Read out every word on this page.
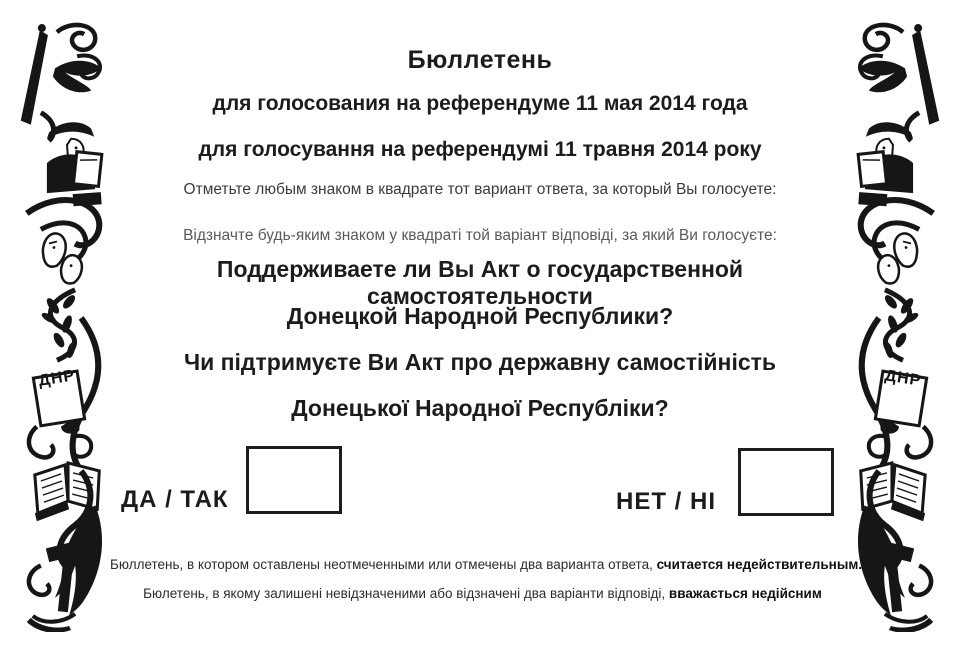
ДНР	ДНР
Бюллетень
для голосования на референдуме 11 мая 2014 года
для голосування на референдумі 11 травня 2014 року
Отметьте любым знаком в квадрате тот вариант ответа, за который Вы голосуете:
Відзначте будь-яким знаком у квадраті той варіант відповіді, за який Ви голосуєте:
Поддерживаете ли Вы Акт о государственной самостоятельности
Донецкой Народной Республики?
Чи підтримуєте Ви Акт про державну самостійність
Донецької Народної Республіки?
ДА / ТАК	НЕТ / НІ
Бюллетень, в котором оставлены неотмеченными или отмечены два варианта ответа, считается недействительным.
Бюлетень, в якому залишені невідзначеними або відзначені два варіанти відповіді, вважається недійсним
